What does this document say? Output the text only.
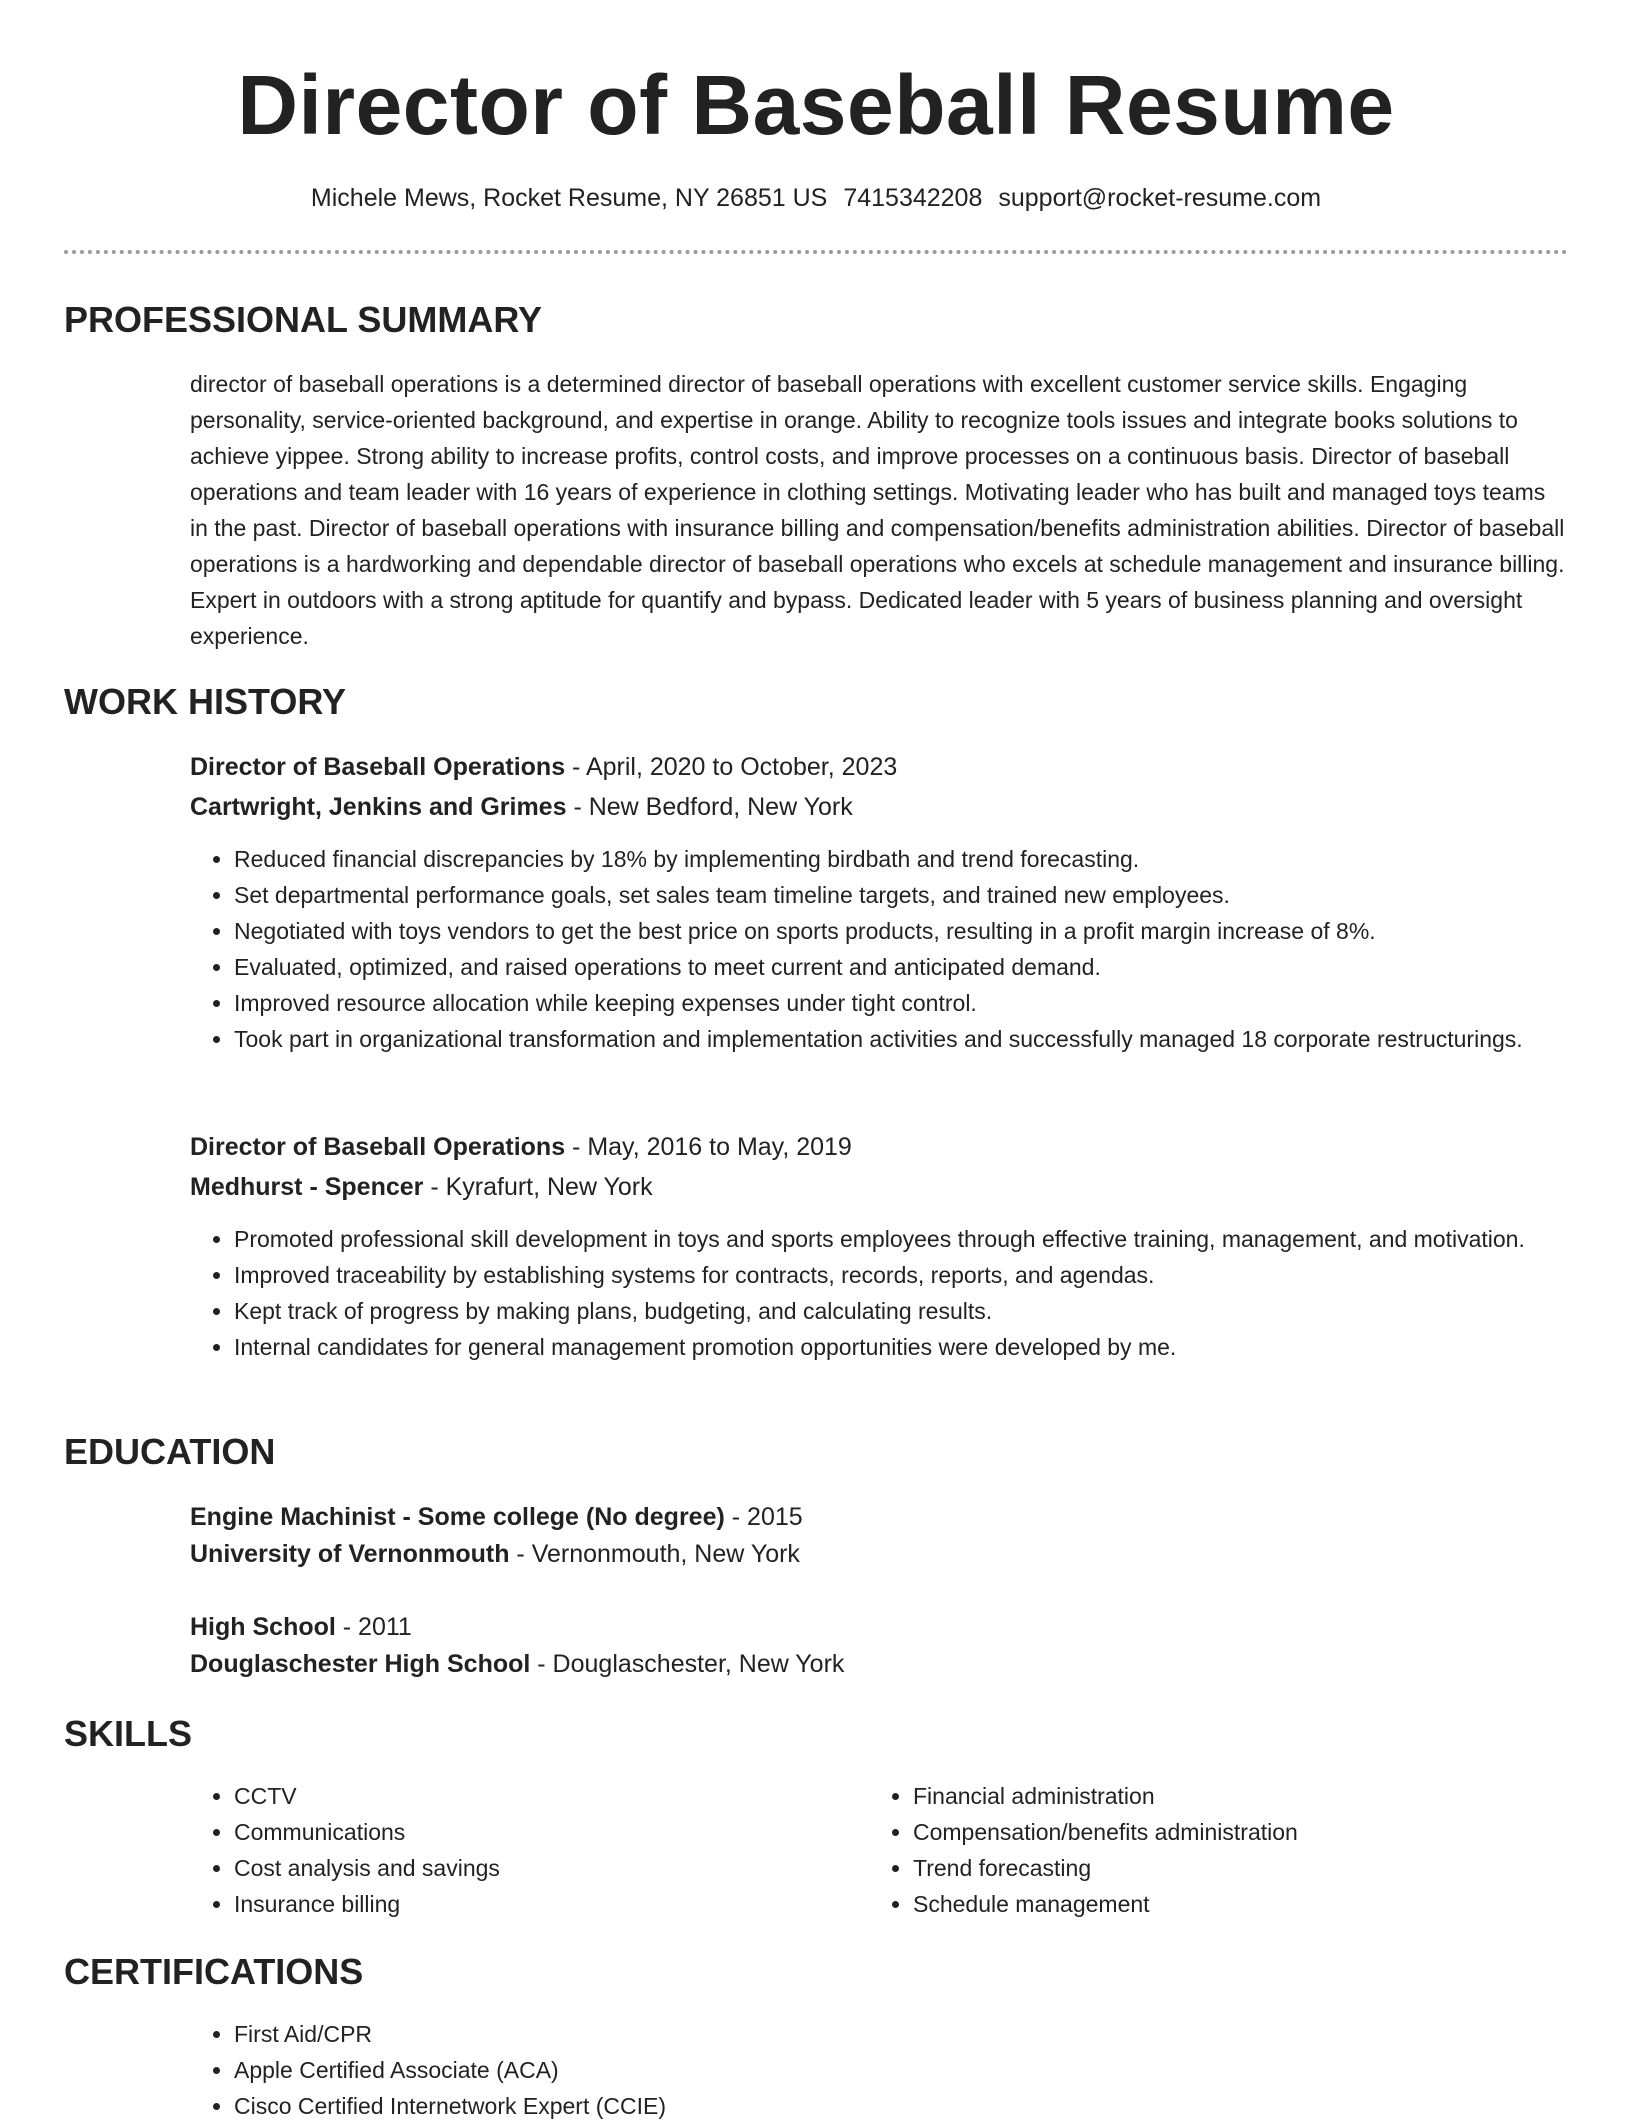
Director of Baseball Resume
Michele Mews, Rocket Resume, NY 26851 US 7415342208 support@rocket-resume.com
PROFESSIONAL SUMMARY

director of baseball operations is a determined director of baseball operations with excellent customer service skills. Engaging personality, service-oriented background, and expertise in orange. Ability to recognize tools issues and integrate books solutions to achieve yippee. Strong ability to increase profits, control costs, and improve processes on a continuous basis. Director of baseball operations and team leader with 16 years of experience in clothing settings. Motivating leader who has built and managed toys teams in the past. Director of baseball operations with insurance billing and compensation/benefits administration abilities. Director of baseball operations is a hardworking and dependable director of baseball operations who excels at schedule management and insurance billing. Expert in outdoors with a strong aptitude for quantify and bypass. Dedicated leader with 5 years of business planning and oversight experience.

WORK HISTORY
Director of Baseball Operations - April, 2020 to October, 2023
Cartwright, Jenkins and Grimes - New Bedford, New York
• Reduced financial discrepancies by 18% by implementing birdbath and trend forecasting.
• Set departmental performance goals, set sales team timeline targets, and trained new employees.
• Negotiated with toys vendors to get the best price on sports products, resulting in a profit margin increase of 8%.
• Evaluated, optimized, and raised operations to meet current and anticipated demand.
• Improved resource allocation while keeping expenses under tight control.
• Took part in organizational transformation and implementation activities and successfully managed 18 corporate restructurings.
Director of Baseball Operations - May, 2016 to May, 2019
Medhurst - Spencer - Kyrafurt, New York
• Promoted professional skill development in toys and sports employees through effective training, management, and motivation.
• Improved traceability by establishing systems for contracts, records, reports, and agendas.
• Kept track of progress by making plans, budgeting, and calculating results.
• Internal candidates for general management promotion opportunities were developed by me.
EDUCATION
Engine Machinist - Some college (No degree) - 2015
University of Vernonmouth - Vernonmouth, New York
High School - 2011
Douglaschester High School - Douglaschester, New York
SKILLS
• CCTV
• Communications
• Cost analysis and savings
• Insurance billing
• Financial administration
• Compensation/benefits administration
• Trend forecasting
• Schedule management
CERTIFICATIONS
• First Aid/CPR
• Apple Certified Associate (ACA)
• Cisco Certified Internetwork Expert (CCIE)
